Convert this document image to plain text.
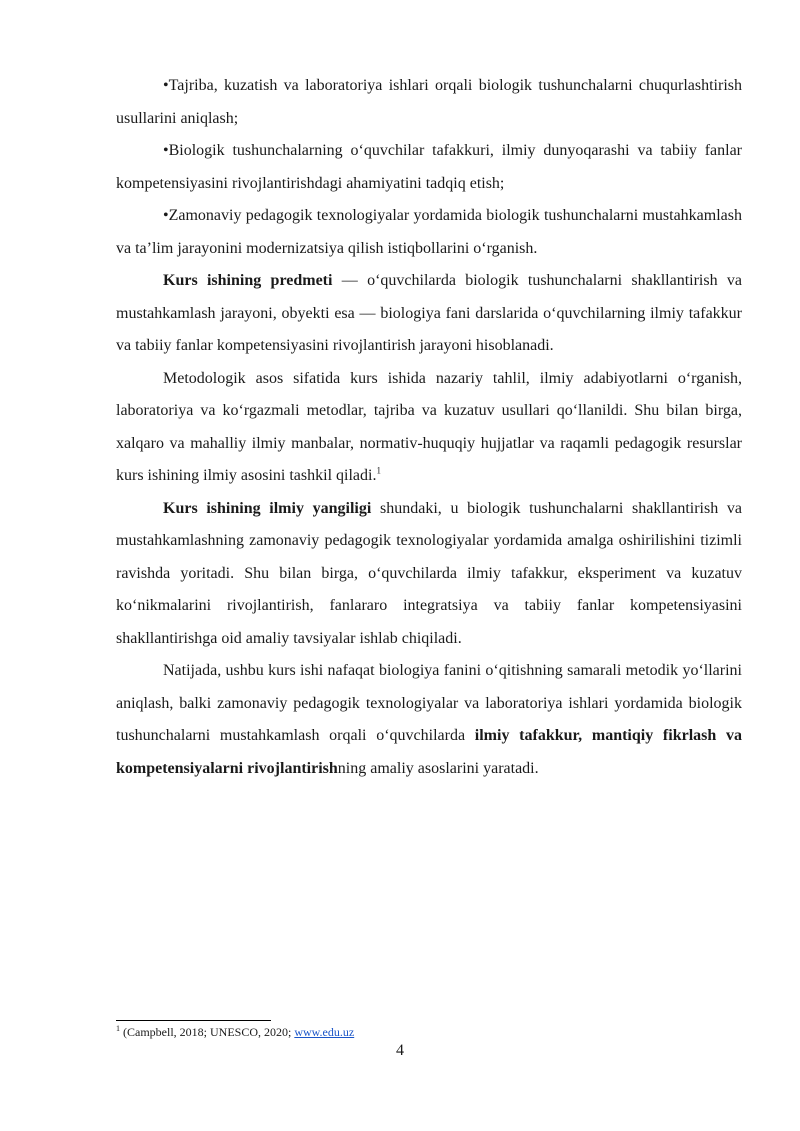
•Tajriba, kuzatish va laboratoriya ishlari orqali biologik tushunchalarni chuqurlashtirish usullarini aniqlash;

•Biologik tushunchalarning oʻquvchilar tafakkuri, ilmiy dunyoqarashi va tabiiy fanlar kompetensiyasini rivojlantirishdagi ahamiyatini tadqiq etish;

•Zamonaviy pedagogik texnologiyalar yordamida biologik tushunchalarni mustahkamlash va taʼlim jarayonini modernizatsiya qilish istiqbollarini oʻrganish.

Kurs ishining predmeti — oʻquvchilarda biologik tushunchalarni shakllantirish va mustahkamlash jarayoni, obyekti esa — biologiya fani darslarida oʻquvchilarning ilmiy tafakkur va tabiiy fanlar kompetensiyasini rivojlantirish jarayoni hisoblanadi.

Metodologik asos sifatida kurs ishida nazariy tahlil, ilmiy adabiyotlarni oʻrganish, laboratoriya va koʻrgazmali metodlar, tajriba va kuzatuv usullari qoʻllanildi. Shu bilan birga, xalqaro va mahalliy ilmiy manbalar, normativ-huquqiy hujjatlar va raqamli pedagogik resurslar kurs ishining ilmiy asosini tashkil qiladi.$^1$

Kurs ishining ilmiy yangiligi shundaki, u biologik tushunchalarni shakllantirish va mustahkamlashning zamonaviy pedagogik texnologiyalar yordamida amalga oshirilishini tizimli ravishda yoritadi. Shu bilan birga, oʻquvchilarda ilmiy tafakkur, eksperiment va kuzatuv koʻnikmalarini rivojlantirish, fanlararo integratsiya va tabiiy fanlar kompetensiyasini shakllantirishga oid amaliy tavsiyalar ishlab chiqiladi.

Natijada, ushbu kurs ishi nafaqat biologiya fanini oʻqitishning samarali metodik yoʻllarini aniqlash, balki zamonaviy pedagogik texnologiyalar va laboratoriya ishlari yordamida biologik tushunchalarni mustahkamlash orqali oʻquvchilarda ilmiy tafakkur, mantiqiy fikrlash va kompetensiyalarni rivojlantirishning amaliy asoslarini yaratadi.

$^1$ (Campbell, 2018; UNESCO, 2020; www.edu.uz
4
